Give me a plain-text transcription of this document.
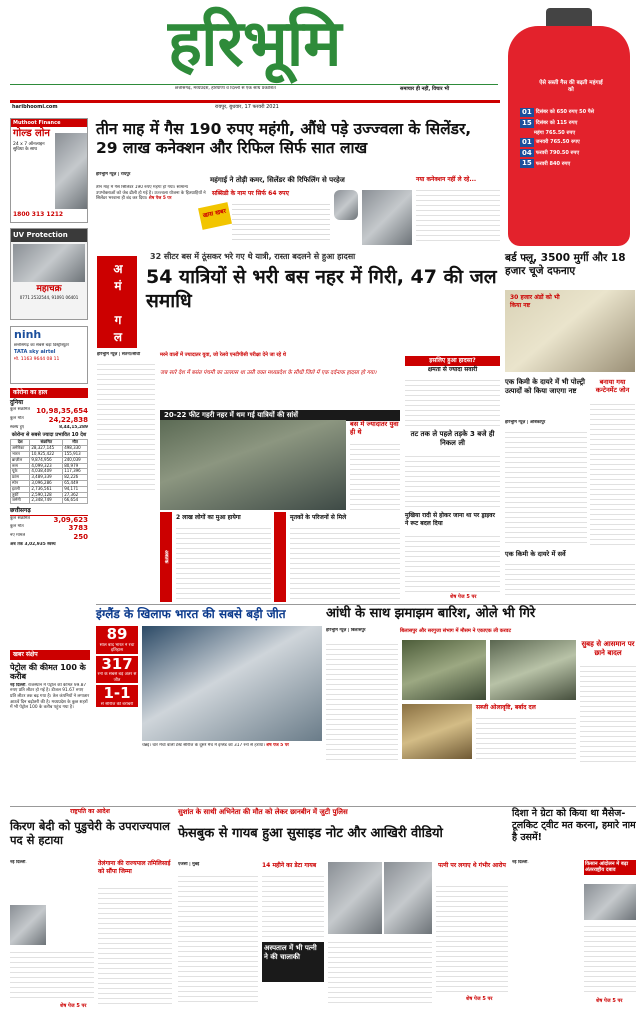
हरिभूमि
छत्तीसगढ़, मध्यप्रदेश, हरियाणा व दिल्ली से एक साथ प्रकाशित	समाचार ही नहीं, विचार भी
haribhoomi.com	रायपुर, बुधवार, 17 फरवरी 2021
ऐसे सस्ती गैस की बढ़ती महंगाई को
01 दिसंबर को 650 रुपए 50 पैसे
15 दिसंबर को 115 रुपए
महंगा 765.50 रुपए
01 जनवरी 765.50 रुपए
04 फरवरी 790.50 रुपए
15 फरवरी 840 रुपए
Muthoot Finance
गोल्ड लोन
24 x 7 ऑनलाइन सुविधा के साथ
1800 313 1212
UV Protection
महाचक्र
0771 2532544, 91091 06401
ninh
छत्तीसगढ़ का सबसे बड़ा डिस्ट्रीब्यूटर
TATA sky airtel
मो. 1163 9644 08 11
कोरोना का हाल
दुनिया
कुल संक्रमित 10,98,35,654
कुल मौत	24,22,838
स्वस्थ हुए	8,44,15,289
कोरोना से सबसे ज्यादा प्रभावित 10 देश
देश	संक्रमित	मौत
अमेरिका	28,327,145	498,330
भारत	10,925,422	155,913
ब्राज़ील	9,874,956	240,039
रूस	4,099,323	80,979
यूके	4,038,409	117,396
फ्रांस	3,489,339	82,226
स्पेन	3,096,286	65,449
इटली	2,736,561	94,171
तुर्की	2,590,128	27,362
जर्मनी	2,348,749	66,654
छत्तीसगढ़
कुल संक्रमित	3,09,623
कुल मौत	3783
नए मामले	250
अब तक 3,02,935 स्वस्थ
खबर संक्षेप
पेट्रोल की कीमत 100 के करीब
नई दिल्ली. राजस्थान में पेट्रोल की कीमत 99.87 रुपए प्रति लीटर हो गई है। डीजल 91.67 रुपए प्रति लीटर तक बढ़ गया है। तेल कंपनियों ने लगातार आठवें दिन बढ़ोतरी की है। मध्यप्रदेश के कुछ शहरों में भी पेट्रोल 100 के करीब पहुंच गया है।
तीन माह में गैस 190 रुपए महंगी, औंधे पड़े उज्ज्वला के सिलेंडर, 29 लाख कनेक्शन और रिफिल सिर्फ सात लाख
हरिभूमि न्यूज़ | रायपुर
महंगाई ने तोड़ी कमर, सिलेंडर की रिफिलिंग से परहेज
तीन माह में गैस सिलिंडर 190 रुपए महंगा हो गया। सामान्य उपभोक्ताओं को जेब ढीली हो गई है। उज्ज्वला योजना के हितग्राहियों ने सिलेंडर भरवाना ही बंद कर दिया। शेष पेज 5 पर
सब्सिडी के नाम पर सिर्फ 64 रुपए
खास खबर
नया कनेक्शन नहीं ले रहे...
32 सीटर बस में ठूंसकर भरे गए थे यात्री, रास्ता बदलने से हुआ हादसा
अमंगल 54 यात्रियों से भरी बस नहर में गिरी, 47 की जल समाधि
हरिभूमि न्यूज़ | सतना/सीधी	मरने वालों में ज्यादातर युवा, जो रेलवे एनटीपीसी परीक्षा देने जा रहे थे
जब सारे देश में बसंत पंचमी का उल्लास था उसी वक्त मध्यप्रदेश के सीधी जिले में एक दर्दनाक हादसा हो गया।
20-22 फीट गहरी नहर में थम गई यात्रियों की सांसें
बस में ज्यादातर युवा ही थे
इसलिए हुआ हादसा?
क्षमता से ज्यादा सवारी
तट तक ले पहले तड़के 3 बजे ही निकल ली
अबतक
2 लाख लोगों का मुआ हायेगा	मृतकों के परिजनों से मिले	मुखिया रादी से होकर जाना था पर ड्राइवर ने रूट बदल दिया
शेष पेज 5 पर
बर्ड फ्लू, 3500 मुर्गी और 18 हजार चूजे दफनाए
30 हजार अंडों को भी किया नष्ट
एक किमी के दायरे में भी पोल्ट्री उत्पादों को किया जाएगा नष्ट
हरिभूमि न्यूज़ | अंबिकापुर
बनाया गया कन्टेनमेंट जोन
एक किमी के दायरे में सर्वे
इंग्लैंड के खिलाफ भारत की सबसे बड़ी जीत
89
साल बाद भारत ने रचा इतिहास
317
रनों के सबसे बड़े अंतर से जीत
1-1
से सीरीज की बराबरी
चेन्नई। चार मैचों वाली टेस्ट सीरीज के दूसरे मैच में इंग्लैंड को 317 रनों से हराया। शेष पेज 5 पर
आंधी के साथ झमाझम बारिश, ओले भी गिरे
हरिभूमि न्यूज़ | बिलासपुर	बिलासपुर और सरगुजा संभाग में मौसम ने एकाएक ली करवट
सब्जी ओलावृष्टि, बर्बाद दल
सुबह से आसमान पर छाने बादल
राष्ट्रपति का आदेश
किरण बेदी को पुडुचेरी के उपराज्यपाल पद से हटाया
नई दिल्ली.	तेलंगाना की राज्यपाल तमिलिसाई को सौंपा जिम्मा
शेष पेज 5 पर
सुशांत के साथी अभिनेता की मौत को लेकर छानबीन में जुटी पुलिस
फेसबुक से गायब हुआ सुसाइड नोट और आखिरी वीडियो
एजेंसी | मुंबई	14 महीने का डेटा गायब
अस्पताल में भी पत्नी ने की चालाकी
पत्नी पर लगाए थे गंभीर आरोप
शेष पेज 5 पर
दिशा ने ग्रेटा को किया था मैसेज-टूलकिट ट्वीट मत करना, हमारे नाम है उसमें!
नई दिल्ली.	किसान आंदोलन में बढ़ा अंतरराष्ट्रीय दबाव
शेष पेज 5 पर
